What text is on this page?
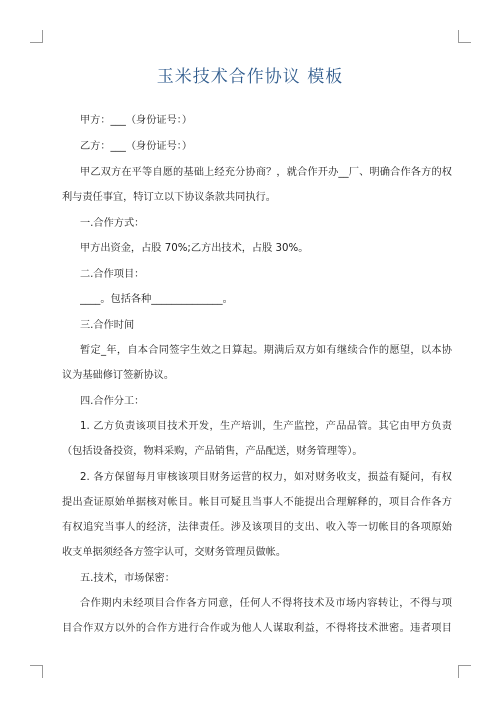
玉米技术合作协议 模板
甲方：___（身份证号：）
乙方：___（身份证号：）
甲乙双方在平等自愿的基础上经充分协商？，就合作开办__厂、明确合作各方的权
利与责任事宜，特订立以下协议条款共同执行。
一.合作方式：
甲方出资金，占股 70%;乙方出技术，占股 30%。
二.合作项目：
____。包括各种______________。
三.合作时间
暂定_年，自本合同签字生效之日算起。期满后双方如有继续合作的愿望，以本协
议为基础修订签新协议。
四.合作分工：
1. 乙方负责该项目技术开发，生产培训，生产监控，产品品管。其它由甲方负责
（包括设备投资，物料采购，产品销售，产品配送，财务管理等）。
2. 各方保留每月审核该项目财务运营的权力，如对财务收支，损益有疑问，有权
提出查证原始单据核对帐目。帐目可疑且当事人不能提出合理解释的，项目合作各方
有权追究当事人的经济，法律责任。涉及该项目的支出、收入等一切帐目的各项原始
收支单据须经各方签字认可，交财务管理员做帐。
五.技术，市场保密：
合作期内未经项目合作各方同意，任何人不得将技术及市场内容转让，不得与项
目合作双方以外的合作方进行合作或为他人人谋取利益，不得将技术泄密。违者项目
